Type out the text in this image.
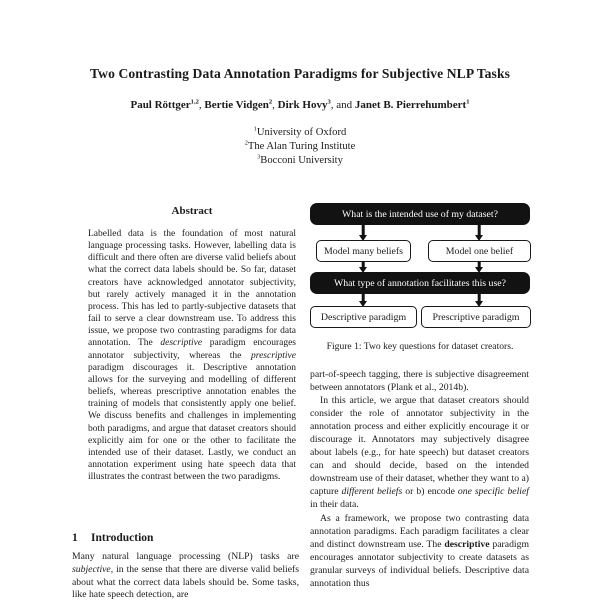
Two Contrasting Data Annotation Paradigms for Subjective NLP Tasks
Paul Röttger$^{1,2}$, Bertie Vidgen$^2$, Dirk Hovy$^3$, and Janet B. Pierrehumbert$^1$
$^1$University of Oxford
$^2$The Alan Turing Institute
$^3$Bocconi University
Abstract
Labelled data is the foundation of most natural language processing tasks. However, labelling data is difficult and there often are diverse valid beliefs about what the correct data labels should be. So far, dataset creators have acknowledged annotator subjectivity, but rarely actively managed it in the annotation process. This has led to partly-subjective datasets that fail to serve a clear downstream use. To address this issue, we propose two contrasting paradigms for data annotation. The descriptive paradigm encourages annotator subjectivity, whereas the prescriptive paradigm discourages it. Descriptive annotation allows for the surveying and modelling of different beliefs, whereas prescriptive annotation enables the training of models that consistently apply one belief. We discuss benefits and challenges in implementing both paradigms, and argue that dataset creators should explicitly aim for one or the other to facilitate the intended use of their dataset. Lastly, we conduct an annotation experiment using hate speech data that illustrates the contrast between the two paradigms.
1 Introduction
Many natural language processing (NLP) tasks are subjective, in the sense that there are diverse valid beliefs about what the correct data labels should be. Some tasks, like hate speech detection, are
What is the intended use of my dataset?
Model many beliefs	Model one belief
What type of annotation facilitates this use?
Descriptive paradigm	Prescriptive paradigm
Figure 1: Two key questions for dataset creators.

part-of-speech tagging, there is subjective disagreement between annotators (Plank et al., 2014b).

In this article, we argue that dataset creators should consider the role of annotator subjectivity in the annotation process and either explicitly encourage it or discourage it. Annotators may subjectively disagree about labels (e.g., for hate speech) but dataset creators can and should decide, based on the intended downstream use of their dataset, whether they want to a) capture different beliefs or b) encode one specific belief in their data.

As a framework, we propose two contrasting data annotation paradigms. Each paradigm facilitates a clear and distinct downstream use. The descriptive paradigm encourages annotator subjectivity to create datasets as granular surveys of individual beliefs. Descriptive data annotation thus
